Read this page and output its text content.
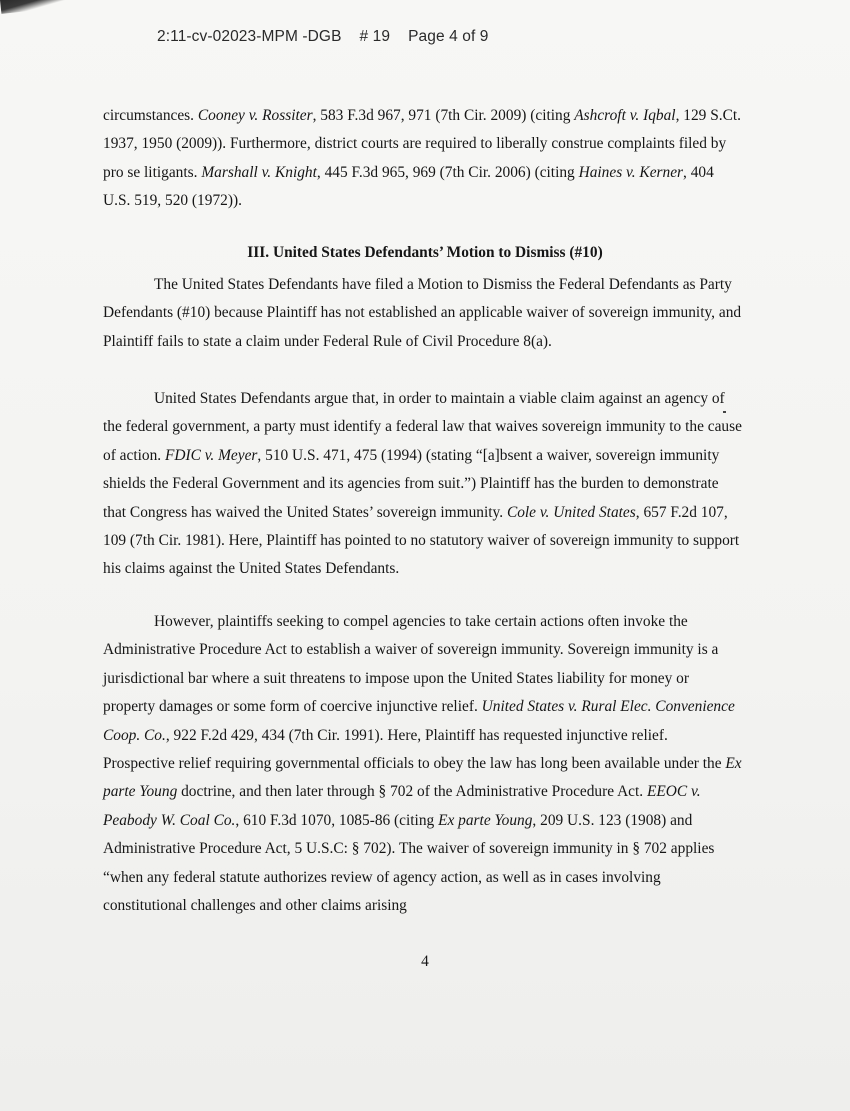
2:11-cv-02023-MPM -DGB # 19 Page 4 of 9

circumstances. Cooney v. Rossiter, 583 F.3d 967, 971 (7th Cir. 2009) (citing Ashcroft v. Iqbal, 129 S.Ct. 1937, 1950 (2009)). Furthermore, district courts are required to liberally construe complaints filed by pro se litigants. Marshall v. Knight, 445 F.3d 965, 969 (7th Cir. 2006) (citing Haines v. Kerner, 404 U.S. 519, 520 (1972)).

III. United States Defendants’ Motion to Dismiss (#10)

The United States Defendants have filed a Motion to Dismiss the Federal Defendants as Party Defendants (#10) because Plaintiff has not established an applicable waiver of sovereign immunity, and Plaintiff fails to state a claim under Federal Rule of Civil Procedure 8(a).

United States Defendants argue that, in order to maintain a viable claim against an agency of the federal government, a party must identify a federal law that waives sovereign immunity to the cause of action. FDIC v. Meyer, 510 U.S. 471, 475 (1994) (stating “[a]bsent a waiver, sovereign immunity shields the Federal Government and its agencies from suit.”) Plaintiff has the burden to demonstrate that Congress has waived the United States’ sovereign immunity. Cole v. United States, 657 F.2d 107, 109 (7th Cir. 1981). Here, Plaintiff has pointed to no statutory waiver of sovereign immunity to support his claims against the United States Defendants.

However, plaintiffs seeking to compel agencies to take certain actions often invoke the Administrative Procedure Act to establish a waiver of sovereign immunity. Sovereign immunity is a jurisdictional bar where a suit threatens to impose upon the United States liability for money or property damages or some form of coercive injunctive relief. United States v. Rural Elec. Convenience Coop. Co., 922 F.2d 429, 434 (7th Cir. 1991). Here, Plaintiff has requested injunctive relief. Prospective relief requiring governmental officials to obey the law has long been available under the Ex parte Young doctrine, and then later through § 702 of the Administrative Procedure Act. EEOC v. Peabody W. Coal Co., 610 F.3d 1070, 1085-86 (citing Ex parte Young, 209 U.S. 123 (1908) and Administrative Procedure Act, 5 U.S.C: § 702). The waiver of sovereign immunity in § 702 applies “when any federal statute authorizes review of agency action, as well as in cases involving constitutional challenges and other claims arising

4
